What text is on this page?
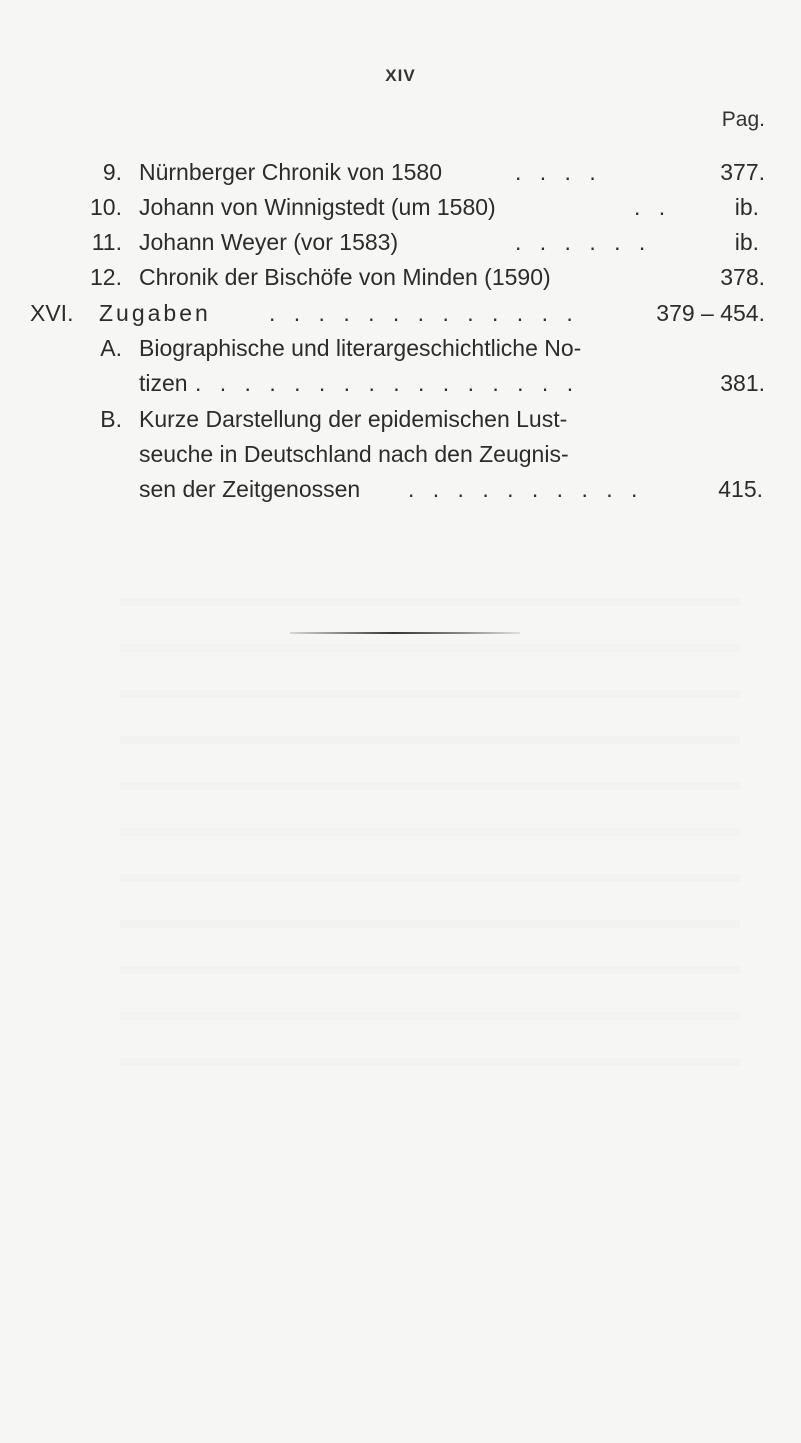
XIV
Pag.
9. Nürnberger Chronik von 1580	. . . .	377.
10. Johann von Winnigstedt (um 1580)	. .	ib.
11. Johann Weyer (vor 1583)	. . . . . .	ib.
12. Chronik der Bischöfe von Minden (1590)	378.
XVI.	Zugaben	. . . . . . . . . . . . .	379 – 454.
A. Biographische und literargeschichtliche No-
tizen . . . . . . . . . . . . . . . .	381.
B. Kurze Darstellung der epidemischen Lust-
seuche in Deutschland nach den Zeugnis-
sen der Zeitgenossen . . . . . . . . . .	415.
